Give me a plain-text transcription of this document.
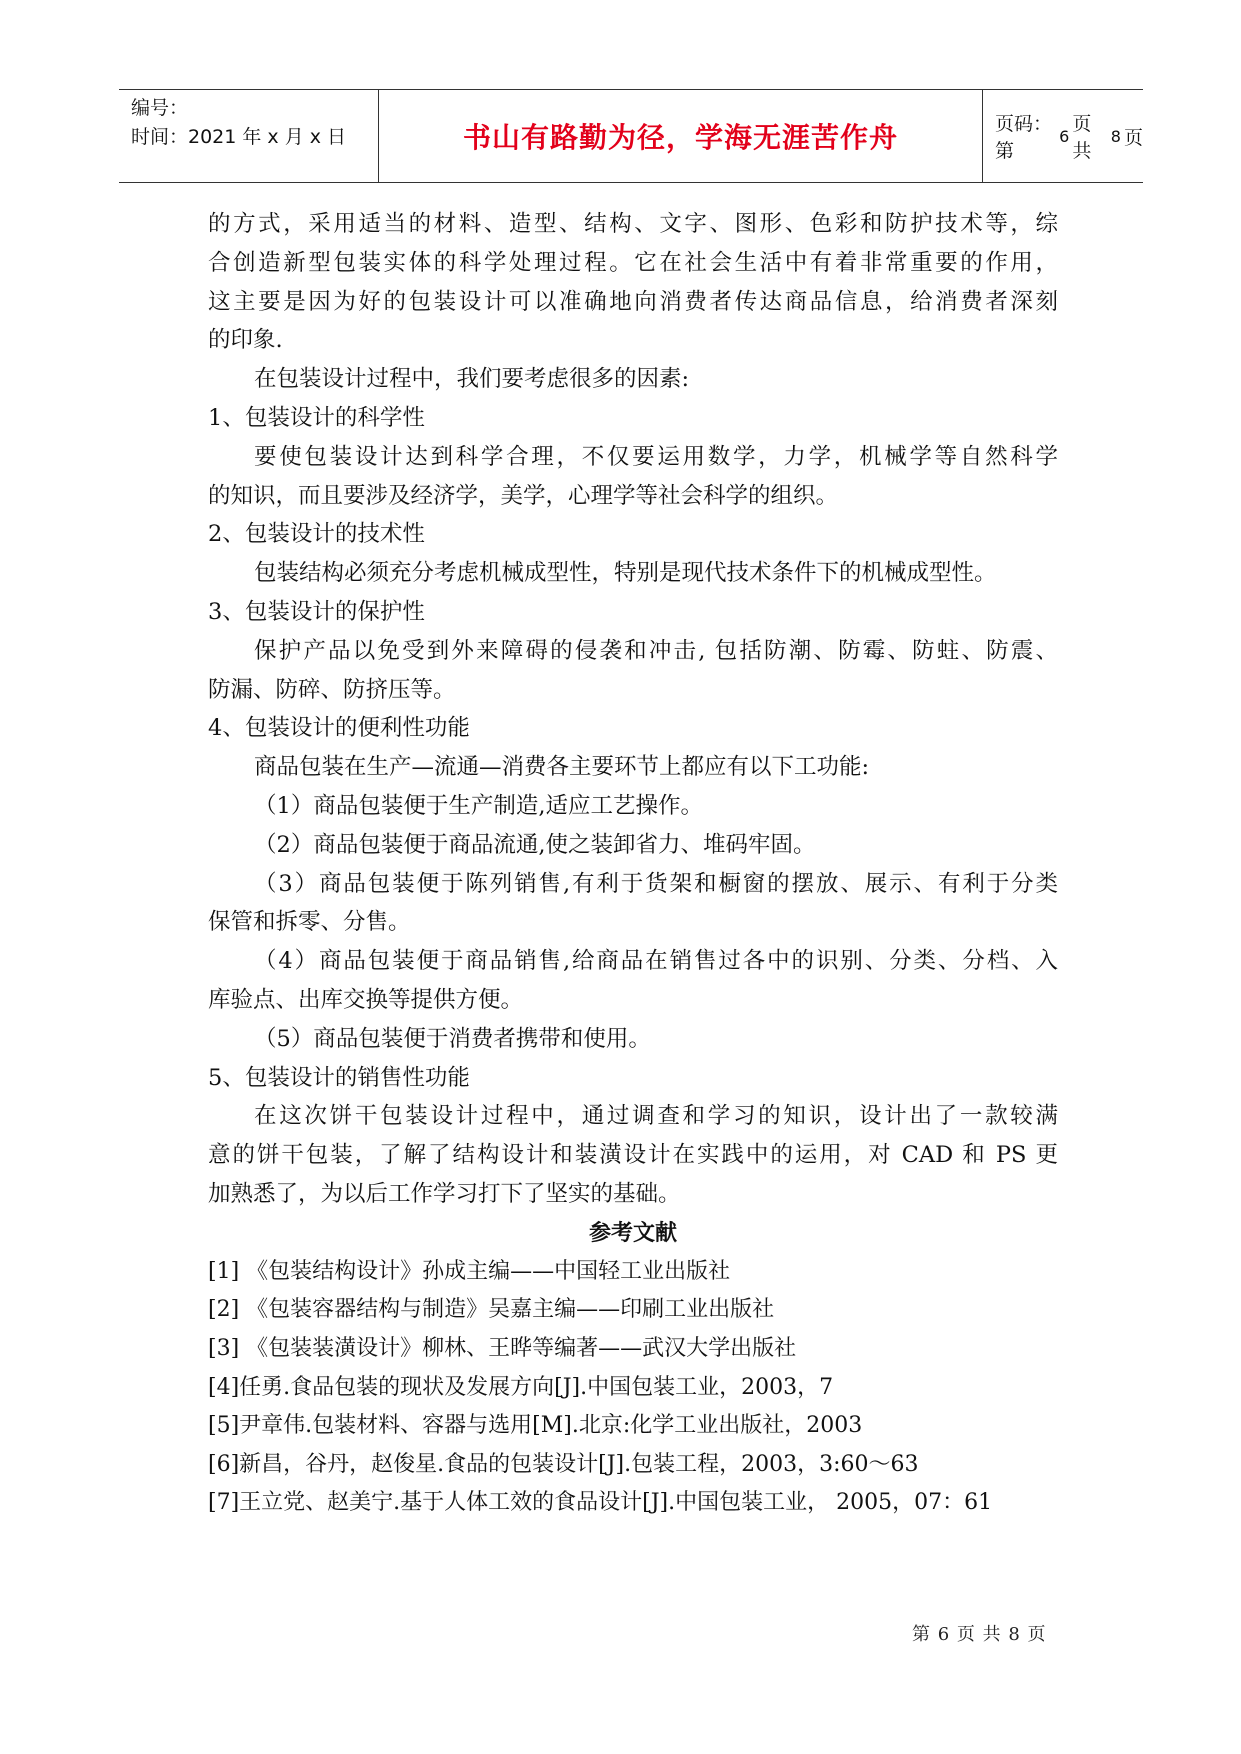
编号：
时间：2021 年 x 月 x 日	书山有路勤为径，学海无涯苦作舟	页码：第
6
页 共
8 页
的方式，采用适当的材料、造型、结构、文字、图形、色彩和防护技术等，综
合创造新型包装实体的科学处理过程。它在社会生活中有着非常重要的作用，
这主要是因为好的包装设计可以准确地向消费者传达商品信息，给消费者深刻
的印象.
在包装设计过程中，我们要考虑很多的因素:
1、包装设计的科学性
要使包装设计达到科学合理，不仅要运用数学，力学，机械学等自然科学
的知识，而且要涉及经济学，美学，心理学等社会科学的组织。
2、包装设计的技术性
包装结构必须充分考虑机械成型性，特别是现代技术条件下的机械成型性。
3、包装设计的保护性
保护产品以免受到外来障碍的侵袭和冲击, 包括防潮、防霉、防蛀、防震、
防漏、防碎、防挤压等。
4、包装设计的便利性功能
商品包装在生产—流通—消费各主要环节上都应有以下工功能:
（1）商品包装便于生产制造,适应工艺操作。
（2）商品包装便于商品流通,使之装卸省力、堆码牢固。
（3）商品包装便于陈列销售,有利于货架和橱窗的摆放、展示、有利于分类
保管和拆零、分售。
（4）商品包装便于商品销售,给商品在销售过各中的识别、分类、分档、入
库验点、出库交换等提供方便。
（5）商品包装便于消费者携带和使用。
5、包装设计的销售性功能
在这次饼干包装设计过程中，通过调查和学习的知识，设计出了一款较满
意的饼干包装，了解了结构设计和装潢设计在实践中的运用，对 CAD 和 PS 更
加熟悉了，为以后工作学习打下了坚实的基础。
参考文献
[1] 《包装结构设计》孙成主编——中国轻工业出版社
[2] 《包装容器结构与制造》吴嘉主编——印刷工业出版社
[3] 《包装装潢设计》柳林、王晔等编著——武汉大学出版社
[4]任勇.食品包装的现状及发展方向[J].中国包装工业，2003，7
[5]尹章伟.包装材料、容器与选用[M].北京:化学工业出版社，2003
[6]新昌，谷丹，赵俊星.食品的包装设计[J].包装工程，2003，3:60～63
[7]王立党、赵美宁.基于人体工效的食品设计[J].中国包装工业， 2005，07：61
第 6 页 共 8 页
